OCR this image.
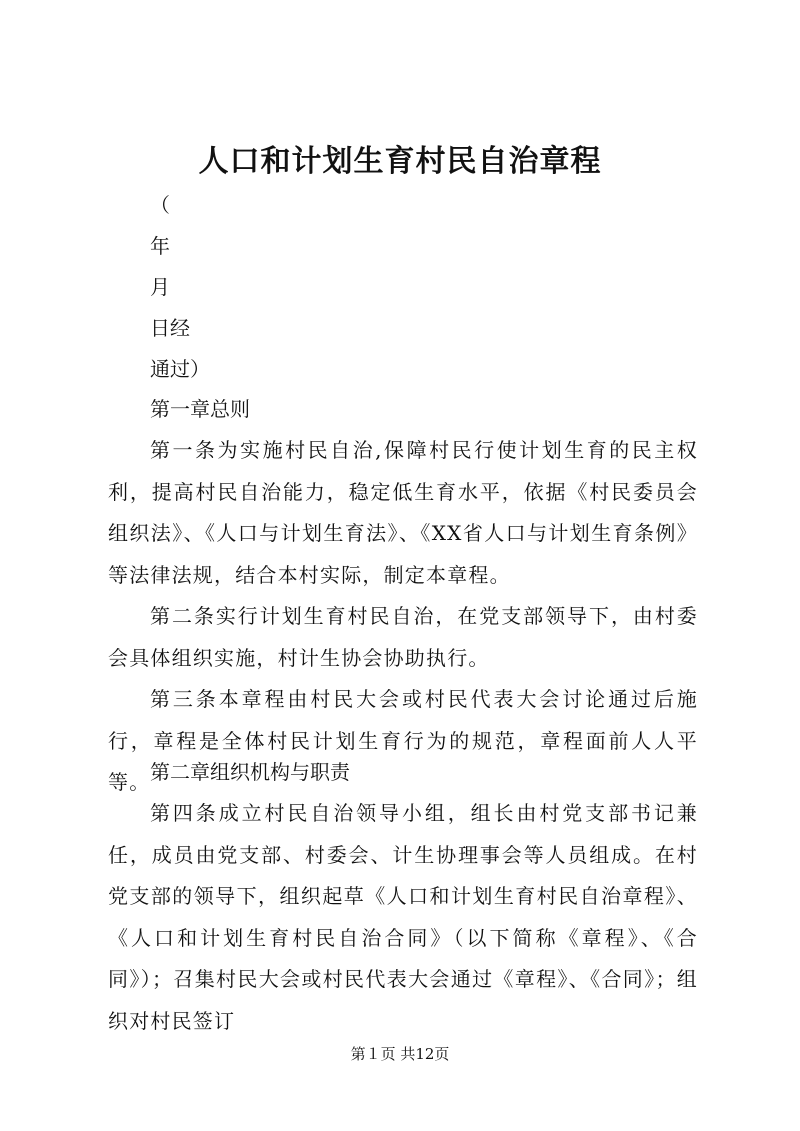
人口和计划生育村民自治章程
（
年
月
日经
通过）
第一章总则
第一条为实施村民自治,保障村民行使计划生育的民主权利，提高村民自治能力，稳定低生育水平，依据《村民委员会组织法》、《人口与计划生育法》、《XX省人口与计划生育条例》等法律法规，结合本村实际，制定本章程。
第二条实行计划生育村民自治，在党支部领导下，由村委会具体组织实施，村计生协会协助执行。
第三条本章程由村民大会或村民代表大会讨论通过后施行，章程是全体村民计划生育行为的规范，章程面前人人平等。 第二章组织机构与职责
第四条成立村民自治领导小组，组长由村党支部书记兼任，成员由党支部、村委会、计生协理事会等人员组成。在村党支部的领导下，组织起草《人口和计划生育村民自治章程》、《人口和计划生育村民自治合同》（以下简称《章程》、《合同》）；召集村民大会或村民代表大会通过《章程》、《合同》；组织对村民签订
第１页 共12页
